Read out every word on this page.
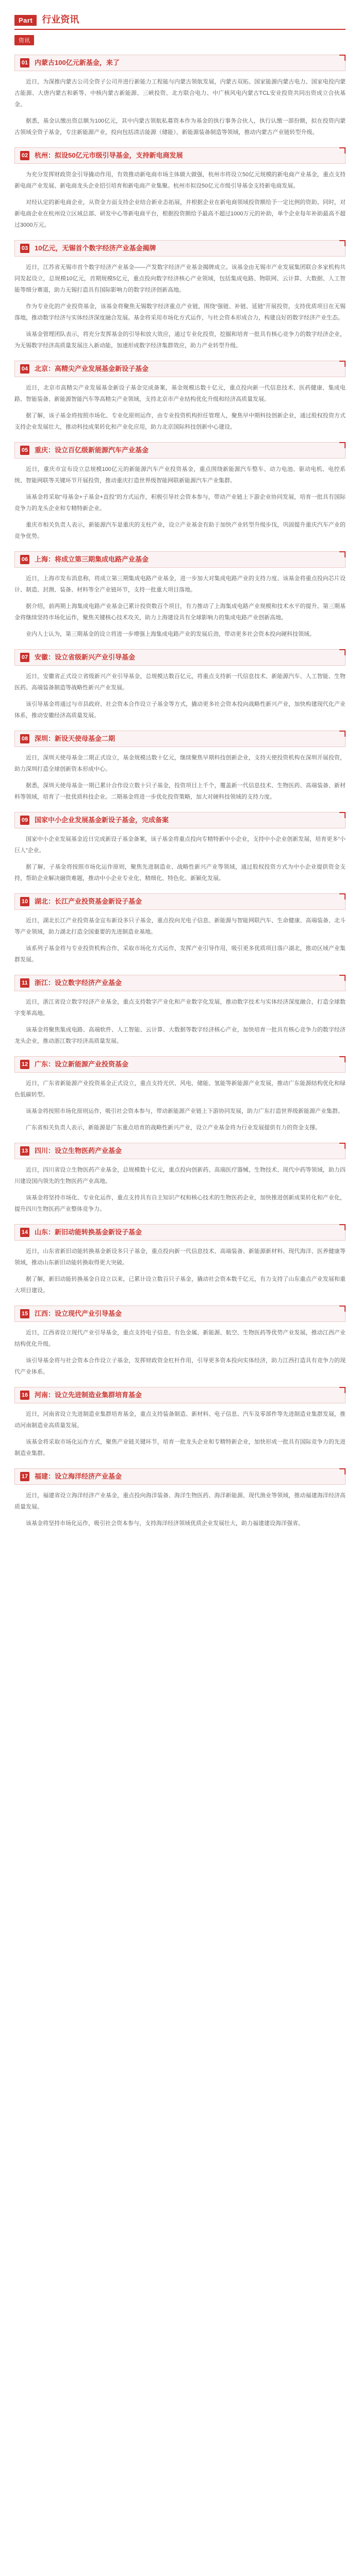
Part	行业资讯
资讯
01 内蒙古100亿元新基金，来了

近日，为深推内蒙古公司全资子公司并进行新能力工程能与内蒙古领航发展，内蒙古双拓、国家能源内蒙古电力、国家电投内蒙古能源、大唐内蒙古和新等、中核内蒙古新能源、三峡投资、北方联合电力、中广核风电内蒙古TCL安业投资共同出资成立合伙基金。

据悉，基金认缴出资总额为100亿元，其中内蒙古领航私募资本作为基金的执行事务合伙人，执行认缴一部份额，拟在投资内蒙古领域全资子基金，专注新能源产业，投向包括清洁能源（储能）、新能源装备制造等领域，推动内蒙古产业链转型升级。

02 杭州：拟设50亿元市级引导基金，支持新电商发展

为充分发挥财政资金引导撬动作用，有效推动新电商市场主体做大做强，杭州市将设立50亿元规模的新电商产业基金，重点支持新电商产业发展、新电商龙头企业招引培育和新电商产业集聚。杭州市拟设50亿元市级引导基金支持新电商发展。

对经认定的新电商企业，从资金方面支持企业结合新业态拓展，并根据企业在新电商领域投资额给予一定比例的资助。同时，对新电商企业在杭州设立区域总部、研发中心等新电商平台，根据投资额给予最高不超过1000万元的补助，单个企业每年补助最高不超过3000万元。

03 10亿元，无锡首个数字经济产业基金揭牌

近日，江苏省无锡市首个数字经济产业基金——产发数字经济产业基金揭牌成立。该基金由无锡市产业发展集团联合多家机构共同发起设立，总规模10亿元，首期规模5亿元，重点投向数字经济核心产业领域，包括集成电路、物联网、云计算、大数据、人工智能等细分赛道，助力无锡打造具有国际影响力的数字经济创新高地。

作为专业化的产业投资基金，该基金将聚焦无锡数字经济重点产业链，围绕“强链、补链、延链”开展投资，支持优质项目在无锡落地，推动数字经济与实体经济深度融合发展。基金将采用市场化方式运作，与社会资本形成合力，构建良好的数字经济产业生态。

该基金管理团队表示，将充分发挥基金的引导和放大效应，通过专业化投资，挖掘和培育一批具有核心竞争力的数字经济企业，为无锡数字经济高质量发展注入新动能，加速形成数字经济集群效应，助力产业转型升级。

04 北京：高精尖产业发展基金新设子基金

近日，北京市高精尖产业发展基金新设子基金完成备案，基金规模达数十亿元，重点投向新一代信息技术、医药健康、集成电路、智能装备、新能源智能汽车等高精尖产业领域，支持北京市产业结构优化升级和经济高质量发展。

据了解，该子基金将按照市场化、专业化原则运作，由专业投资机构担任管理人，聚焦早中期科技创新企业，通过股权投资方式支持企业发展壮大，推动科技成果转化和产业化应用，助力北京国际科技创新中心建设。

05 重庆：设立百亿级新能源汽车产业基金

近日，重庆市宣布设立总规模100亿元的新能源汽车产业投资基金，重点围绕新能源汽车整车、动力电池、驱动电机、电控系统、智能网联等关键环节开展投资，推动重庆打造世界级智能网联新能源汽车产业集群。

该基金将采取“母基金+子基金+直投”的方式运作，积极引导社会资本参与，带动产业链上下游企业协同发展，培育一批具有国际竞争力的龙头企业和专精特新企业。

重庆市相关负责人表示，新能源汽车是重庆的支柱产业，设立产业基金有助于加快产业转型升级步伐，巩固提升重庆汽车产业的竞争优势。

06 上海：将成立第三期集成电路产业基金

近日，上海市发布消息称，将成立第三期集成电路产业基金，进一步加大对集成电路产业的支持力度。该基金将重点投向芯片设计、制造、封测、装备、材料等全产业链环节，支持一批重大项目落地。

据介绍，前两期上海集成电路产业基金已累计投资数百个项目，有力推动了上海集成电路产业规模和技术水平的提升。第三期基金将继续坚持市场化运作，聚焦关键核心技术攻关，助力上海建设具有全球影响力的集成电路产业创新高地。

业内人士认为，第三期基金的设立将进一步增强上海集成电路产业的发展后劲，带动更多社会资本投向硬科技领域。

07 安徽：设立省级新兴产业引导基金

近日，安徽省正式设立省级新兴产业引导基金，总规模达数百亿元，将重点支持新一代信息技术、新能源汽车、人工智能、生物医药、高端装备制造等战略性新兴产业发展。

该引导基金将通过与市县政府、社会资本合作设立子基金等方式，撬动更多社会资本投向战略性新兴产业，加快构建现代化产业体系，推动安徽经济高质量发展。

08 深圳：新设天使母基金二期

近日，深圳天使母基金二期正式设立，基金规模达数十亿元，继续聚焦早期科技创新企业，支持天使投资机构在深圳开展投资，助力深圳打造全球创新资本形成中心。

据悉，深圳天使母基金一期已累计合作设立数十只子基金，投资项目上千个，覆盖新一代信息技术、生物医药、高端装备、新材料等领域，培育了一批优质科技企业。二期基金将进一步优化投资策略，加大对硬科技领域的支持力度。

09 国家中小企业发展基金新设子基金，完成备案

国家中小企业发展基金近日完成新设子基金备案，该子基金将重点投向专精特新中小企业，支持中小企业创新发展，培育更多“小巨人”企业。

据了解，子基金将按照市场化运作原则，聚焦先进制造业、战略性新兴产业等领域，通过股权投资方式为中小企业提供资金支持，帮助企业解决融资难题，推动中小企业专业化、精细化、特色化、新颖化发展。

10 湖北：长江产业投资基金新设子基金

近日，湖北长江产业投资基金宣布新设多只子基金，重点投向光电子信息、新能源与智能网联汽车、生命健康、高端装备、北斗等产业领域，助力湖北打造全国重要的先进制造业基地。

该系列子基金将与专业投资机构合作，采取市场化方式运作，发挥产业引导作用，吸引更多优质项目落户湖北，推动区域产业集群发展。

11 浙江：设立数字经济产业基金

近日，浙江省设立数字经济产业基金，重点支持数字产业化和产业数字化发展，推动数字技术与实体经济深度融合，打造全球数字变革高地。

该基金将聚焦集成电路、高端软件、人工智能、云计算、大数据等数字经济核心产业，加快培育一批具有核心竞争力的数字经济龙头企业，推动浙江数字经济高质量发展。

12 广东：设立新能源产业投资基金

近日，广东省新能源产业投资基金正式设立，重点支持光伏、风电、储能、氢能等新能源产业发展，推动广东能源结构优化和绿色低碳转型。

该基金将按照市场化原则运作，吸引社会资本参与，带动新能源产业链上下游协同发展，助力广东打造世界级新能源产业集群。

广东省相关负责人表示，新能源是广东重点培育的战略性新兴产业，设立产业基金将为行业发展提供有力的资金支撑。

13 四川：设立生物医药产业基金

近日，四川省设立生物医药产业基金，总规模数十亿元，重点投向创新药、高端医疗器械、生物技术、现代中药等领域，助力四川建设国内领先的生物医药产业高地。

该基金将坚持市场化、专业化运作，重点支持具有自主知识产权和核心技术的生物医药企业，加快推进创新成果转化和产业化，提升四川生物医药产业整体竞争力。

14 山东：新旧动能转换基金新设子基金

近日，山东省新旧动能转换基金新设多只子基金，重点投向新一代信息技术、高端装备、新能源新材料、现代海洋、医养健康等领域，推动山东新旧动能转换取得更大突破。

据了解，新旧动能转换基金自设立以来，已累计设立数百只子基金，撬动社会资本数千亿元，有力支持了山东重点产业发展和重大项目建设。

15 江西：设立现代产业引导基金

近日，江西省设立现代产业引导基金，重点支持电子信息、有色金属、新能源、航空、生物医药等优势产业发展，推动江西产业结构优化升级。

该引导基金将与社会资本合作设立子基金，发挥财政资金杠杆作用，引导更多资本投向实体经济，助力江西打造具有竞争力的现代产业体系。

16 河南：设立先进制造业集群培育基金

近日，河南省设立先进制造业集群培育基金，重点支持装备制造、新材料、电子信息、汽车及零部件等先进制造业集群发展，推动河南制造业高质量发展。

该基金将采取市场化运作方式，聚焦产业链关键环节，培育一批龙头企业和专精特新企业，加快形成一批具有国际竞争力的先进制造业集群。

17 福建：设立海洋经济产业基金

近日，福建省设立海洋经济产业基金，重点投向海洋装备、海洋生物医药、海洋新能源、现代渔业等领域，推动福建海洋经济高质量发展。

该基金将坚持市场化运作，吸引社会资本参与，支持海洋经济领域优质企业发展壮大，助力福建建设海洋强省。
